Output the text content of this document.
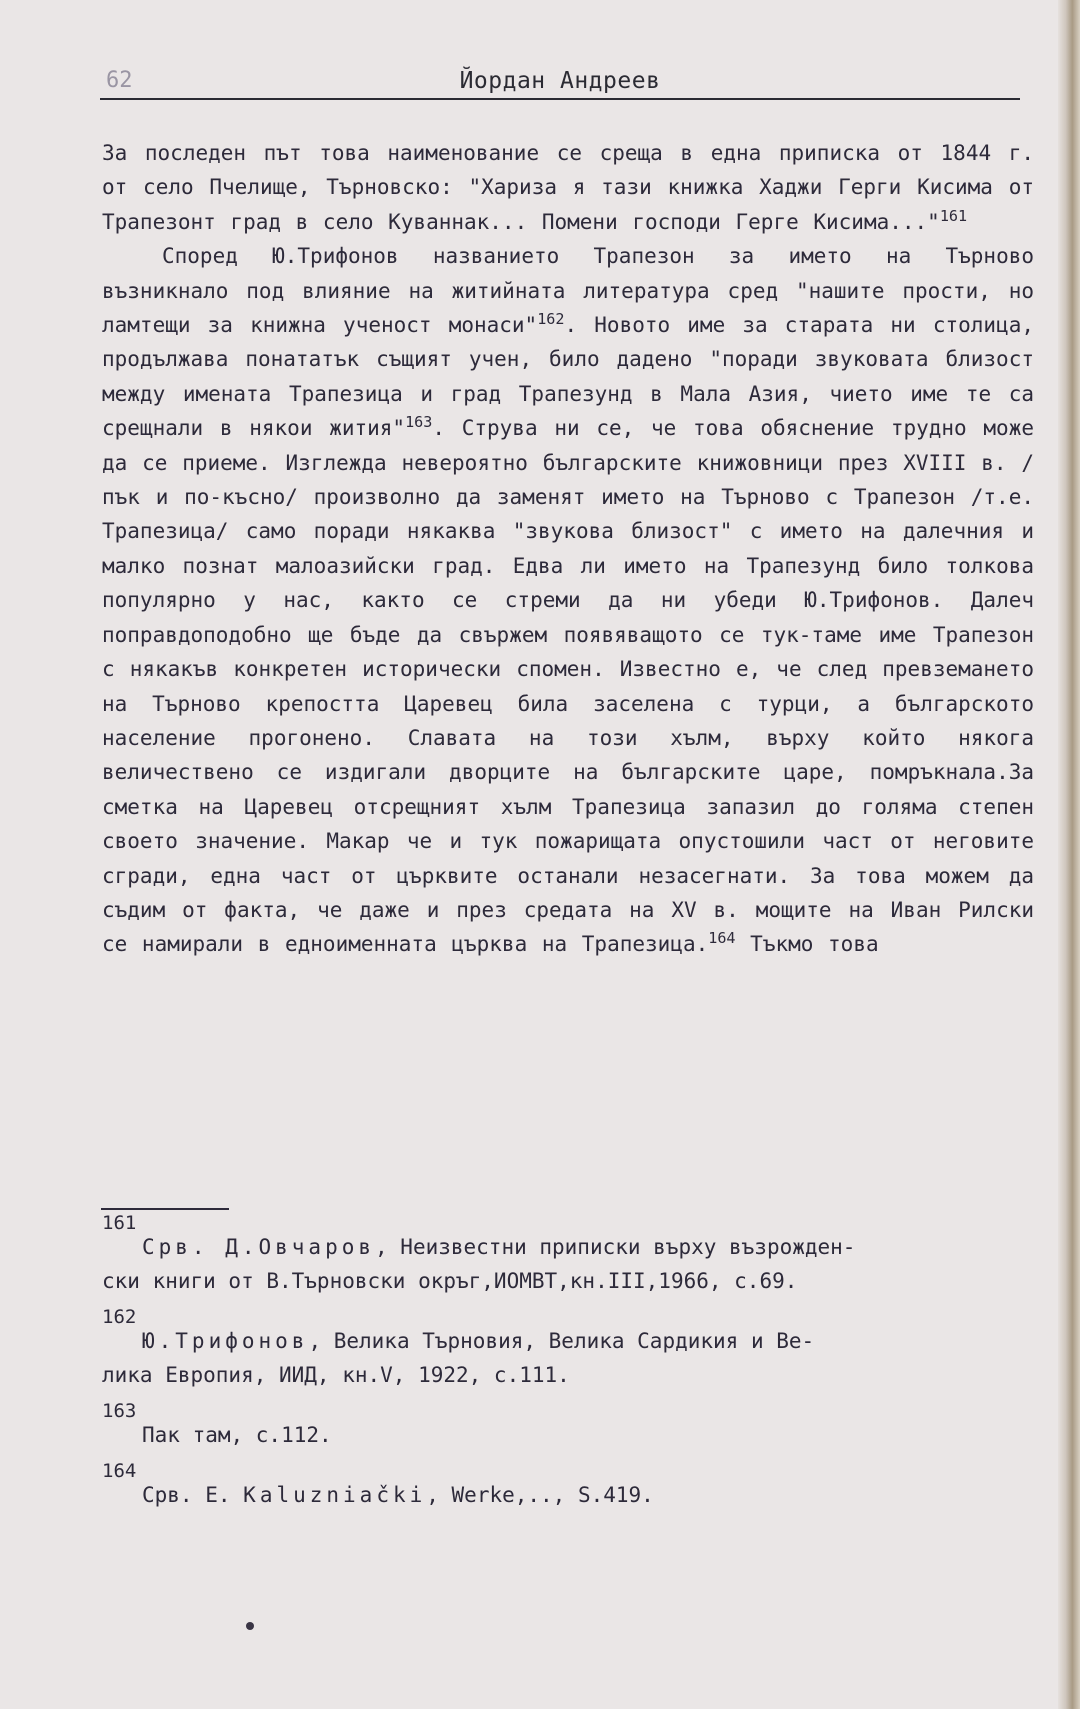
62	Йордан Андреев

За последен път това наименование се среща в една приписка от 1844 г. от село Пчелище, Търновско: "Хариза я тази книжка Хаджи Герги Кисима от Трапезонт град в село Куваннак... Помени господи Герге Кисима..."$^{161}$

Според Ю.Трифонов названието Трапезон за името на Търново възникнало под влияние на житийната литература сред "нашите прости, но ламтещи за книжна ученост монаси"$^{162}$. Новото име за старата ни столица, продължава понататък същият учен, било дадено "поради звуковата близост между имената Трапезица и град Трапезунд в Мала Азия, чието име те са срещнали в някои жития"$^{163}$. Струва ни се, че това обяснение трудно може да се приеме. Изглежда невероятно българските книжовници през XVIII в. /пък и по-късно/ произволно да заменят името на Търново с Трапезон /т.е. Трапезица/ само поради някаква "звукова близост" с името на далечния и малко познат малоазийски град. Едва ли името на Трапезунд било толкова популярно у нас, както се стреми да ни убеди Ю.Трифонов. Далеч поправдоподобно ще бъде да свържем появяващото се тук-таме име Трапезон с някакъв конкретен исторически спомен. Известно е, че след превземането на Търново крепостта Царевец била заселена с турци, а българското население прогонено. Славата на този хълм, върху който някога величествено се издигали дворците на българските царе, помръкнала.За сметка на Царевец отсрещният хълм Трапезица запазил до голяма степен своето значение. Макар че и тук пожарищата опустошили част от неговите сгради, една част от църквите останали незасегнати. За това можем да съдим от факта, че даже и през средата на XV в. мощите на Иван Рилски се намирали в едноименната църква на Трапезица.$^{164}$ Тъкмо това

161
Срв. Д.Овчаров, Неизвестни приписки върху възрожден-
ски книги от В.Търновски окръг,ИОМВТ,кн.III,1966, с.69.
162
Ю.Трифонов, Велика Търновия, Велика Сардикия и Ве-
лика Европия, ИИД, кн.V, 1922, с.111.
163
Пак там, с.112.
164
Срв. Е. Kaluzniački, Werke,.., S.419.
